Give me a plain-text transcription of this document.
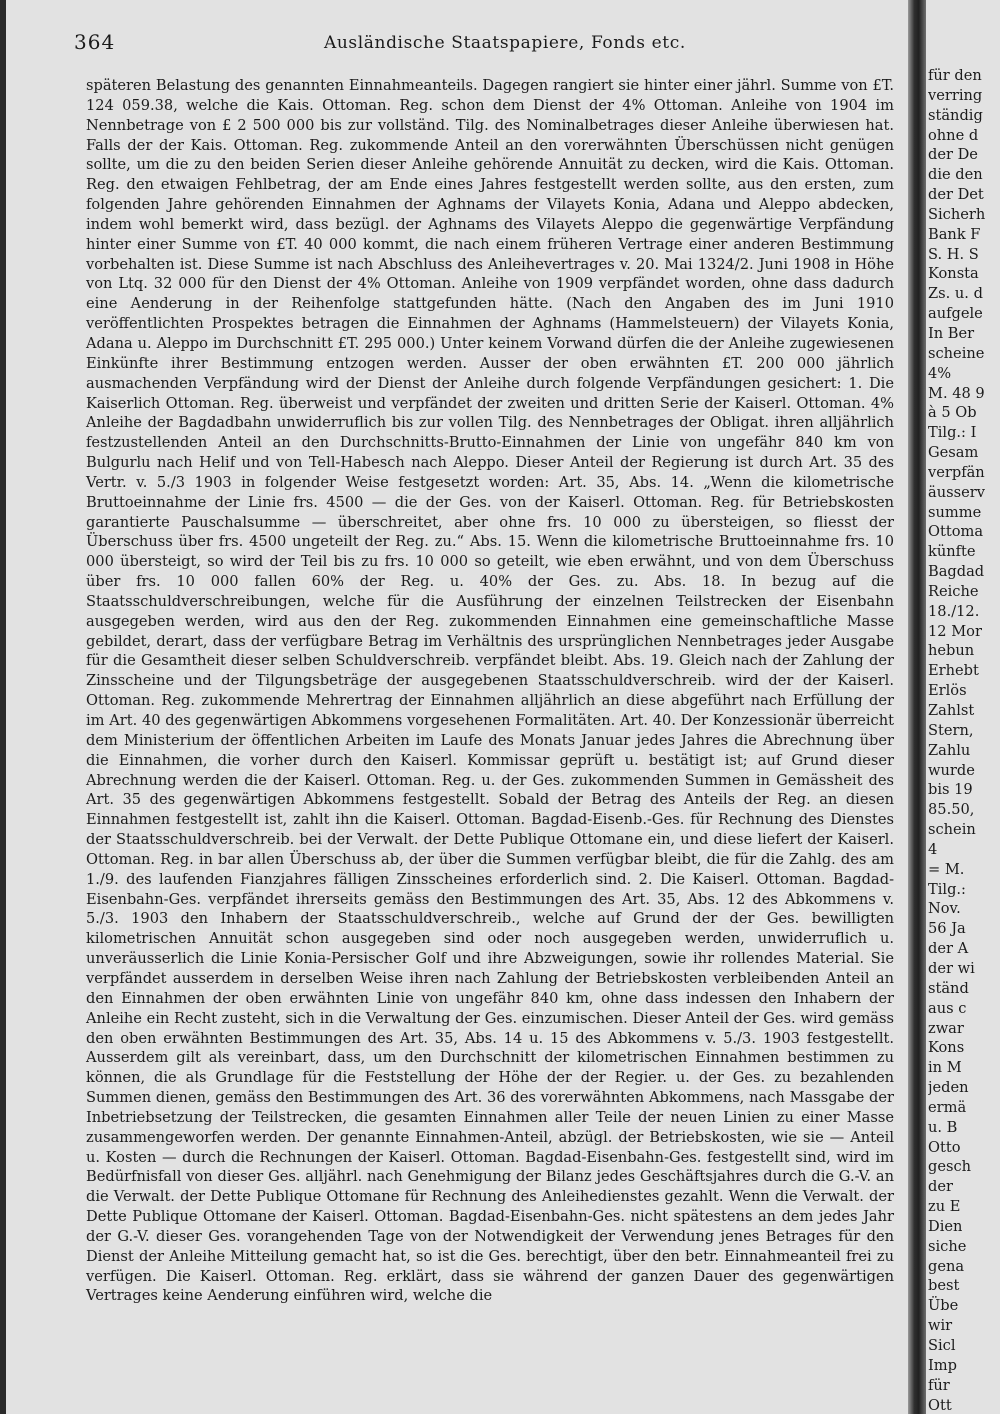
364	Ausländische Staatspapiere, Fonds etc.

späteren Belastung des genannten Einnahmeanteils. Dagegen rangiert sie hinter einer jährl. Summe von £T. 124 059.38, welche die Kais. Ottoman. Reg. schon dem Dienst der 4% Ottoman. Anleihe von 1904 im Nennbetrage von £ 2 500 000 bis zur vollständ. Tilg. des Nominalbetrages dieser Anleihe überwiesen hat. Falls der der Kais. Ottoman. Reg. zukommende Anteil an den vorerwähnten Überschüssen nicht genügen sollte, um die zu den beiden Serien dieser Anleihe gehörende Annuität zu decken, wird die Kais. Ottoman. Reg. den etwaigen Fehlbetrag, der am Ende eines Jahres festgestellt werden sollte, aus den ersten, zum folgenden Jahre gehörenden Einnahmen der Aghnams der Vilayets Konia, Adana und Aleppo abdecken, indem wohl bemerkt wird, dass bezügl. der Aghnams des Vilayets Aleppo die gegenwärtige Verpfändung hinter einer Summe von £T. 40 000 kommt, die nach einem früheren Vertrage einer anderen Bestimmung vorbehalten ist. Diese Summe ist nach Abschluss des Anleihevertrages v. 20. Mai 1324/2. Juni 1908 in Höhe von Ltq. 32 000 für den Dienst der 4% Ottoman. Anleihe von 1909 verpfändet worden, ohne dass dadurch eine Aenderung in der Reihenfolge stattgefunden hätte. (Nach den Angaben des im Juni 1910 veröffentlichten Prospektes betragen die Einnahmen der Aghnams (Hammelsteuern) der Vilayets Konia, Adana u. Aleppo im Durchschnitt £T. 295 000.) Unter keinem Vorwand dürfen die der Anleihe zugewiesenen Einkünfte ihrer Bestimmung entzogen werden. Ausser der oben erwähnten £T. 200 000 jährlich ausmachenden Verpfändung wird der Dienst der Anleihe durch folgende Verpfändungen gesichert: 1. Die Kaiserlich Ottoman. Reg. überweist und verpfändet der zweiten und dritten Serie der Kaiserl. Ottoman. 4% Anleihe der Bagdadbahn unwiderruflich bis zur vollen Tilg. des Nennbetrages der Obligat. ihren alljährlich festzustellenden Anteil an den Durchschnitts-Brutto-Einnahmen der Linie von ungefähr 840 km von Bulgurlu nach Helif und von Tell-Habesch nach Aleppo. Dieser Anteil der Regierung ist durch Art. 35 des Vertr. v. 5./3 1903 in folgender Weise festgesetzt worden: Art. 35, Abs. 14. „Wenn die kilometrische Bruttoeinnahme der Linie frs. 4500 — die der Ges. von der Kaiserl. Ottoman. Reg. für Betriebskosten garantierte Pauschalsumme — überschreitet, aber ohne frs. 10 000 zu übersteigen, so fliesst der Überschuss über frs. 4500 ungeteilt der Reg. zu.“ Abs. 15. Wenn die kilometrische Bruttoeinnahme frs. 10 000 übersteigt, so wird der Teil bis zu frs. 10 000 so geteilt, wie eben erwähnt, und von dem Überschuss über frs. 10 000 fallen 60% der Reg. u. 40% der Ges. zu. Abs. 18. In bezug auf die Staatsschuldverschreibungen, welche für die Ausführung der einzelnen Teilstrecken der Eisenbahn ausgegeben werden, wird aus den der Reg. zukommenden Einnahmen eine gemeinschaftliche Masse gebildet, derart, dass der verfügbare Betrag im Verhältnis des ursprünglichen Nennbetrages jeder Ausgabe für die Gesamtheit dieser selben Schuldverschreib. verpfändet bleibt. Abs. 19. Gleich nach der Zahlung der Zinsscheine und der Tilgungsbeträge der ausgegebenen Staatsschuldverschreib. wird der der Kaiserl. Ottoman. Reg. zukommende Mehrertrag der Einnahmen alljährlich an diese abgeführt nach Erfüllung der im Art. 40 des gegenwärtigen Abkommens vorgesehenen Formalitäten. Art. 40. Der Konzessionär überreicht dem Ministerium der öffentlichen Arbeiten im Laufe des Monats Januar jedes Jahres die Abrechnung über die Einnahmen, die vorher durch den Kaiserl. Kommissar geprüft u. bestätigt ist; auf Grund dieser Abrechnung werden die der Kaiserl. Ottoman. Reg. u. der Ges. zukommenden Summen in Gemässheit des Art. 35 des gegenwärtigen Abkommens festgestellt. Sobald der Betrag des Anteils der Reg. an diesen Einnahmen festgestellt ist, zahlt ihn die Kaiserl. Ottoman. Bagdad-Eisenb.-Ges. für Rechnung des Dienstes der Staatsschuldverschreib. bei der Verwalt. der Dette Publique Ottomane ein, und diese liefert der Kaiserl. Ottoman. Reg. in bar allen Überschuss ab, der über die Summen verfügbar bleibt, die für die Zahlg. des am 1./9. des laufenden Fianzjahres fälligen Zinsscheines erforderlich sind. 2. Die Kaiserl. Ottoman. Bagdad-Eisenbahn-Ges. verpfändet ihrerseits gemäss den Bestimmungen des Art. 35, Abs. 12 des Abkommens v. 5./3. 1903 den Inhabern der Staatsschuldverschreib., welche auf Grund der der Ges. bewilligten kilometrischen Annuität schon ausgegeben sind oder noch ausgegeben werden, unwiderruflich u. unveräusserlich die Linie Konia-Persischer Golf und ihre Abzweigungen, sowie ihr rollendes Material. Sie verpfändet ausserdem in derselben Weise ihren nach Zahlung der Betriebskosten verbleibenden Anteil an den Einnahmen der oben erwähnten Linie von ungefähr 840 km, ohne dass indessen den Inhabern der Anleihe ein Recht zusteht, sich in die Verwaltung der Ges. einzumischen. Dieser Anteil der Ges. wird gemäss den oben erwähnten Bestimmungen des Art. 35, Abs. 14 u. 15 des Abkommens v. 5./3. 1903 festgestellt. Ausserdem gilt als vereinbart, dass, um den Durchschnitt der kilometrischen Einnahmen bestimmen zu können, die als Grundlage für die Feststellung der Höhe der der Regier. u. der Ges. zu bezahlenden Summen dienen, gemäss den Bestimmungen des Art. 36 des vorerwähnten Abkommens, nach Massgabe der Inbetriebsetzung der Teilstrecken, die gesamten Einnahmen aller Teile der neuen Linien zu einer Masse zusammengeworfen werden. Der genannte Einnahmen-Anteil, abzügl. der Betriebskosten, wie sie — Anteil u. Kosten — durch die Rechnungen der Kaiserl. Ottoman. Bagdad-Eisenbahn-Ges. festgestellt sind, wird im Bedürfnisfall von dieser Ges. alljährl. nach Genehmigung der Bilanz jedes Geschäftsjahres durch die G.-V. an die Verwalt. der Dette Publique Ottomane für Rechnung des Anleihedienstes gezahlt. Wenn die Verwalt. der Dette Publique Ottomane der Kaiserl. Ottoman. Bagdad-Eisenbahn-Ges. nicht spätestens an dem jedes Jahr der G.-V. dieser Ges. vorangehenden Tage von der Notwendigkeit der Verwendung jenes Betrages für den Dienst der Anleihe Mitteilung gemacht hat, so ist die Ges. berechtigt, über den betr. Einnahmeanteil frei zu verfügen. Die Kaiserl. Ottoman. Reg. erklärt, dass sie während der ganzen Dauer des gegenwärtigen Vertrages keine Aenderung einführen wird, welche die

für den
verring
ständig
ohne d
der De
die den
der Det
Sicherh
Bank F
S. H. S
Konsta
Zs. u. d
aufgele
In Ber
scheine
4%
M. 48 9
à 5 Ob
Tilg.: I
Gesam
verpfän
äusserv
summe
Ottoma
künfte
Bagdad
Reiche
18./12.
12 Mor
hebun
Erhebt
Erlös
Zahlst
Stern,
Zahlu
wurde
bis 19
85.50,
schein
4
= M.
Tilg.:
Nov.
56 Ja
der A
der wi
ständ
aus c
zwar
Kons
in M
jeden
ermä
u. B
Otto
gesch
der
zu E
Dien
siche
gena
best
Übe
wir
Sicl
Imp
für
Ott
